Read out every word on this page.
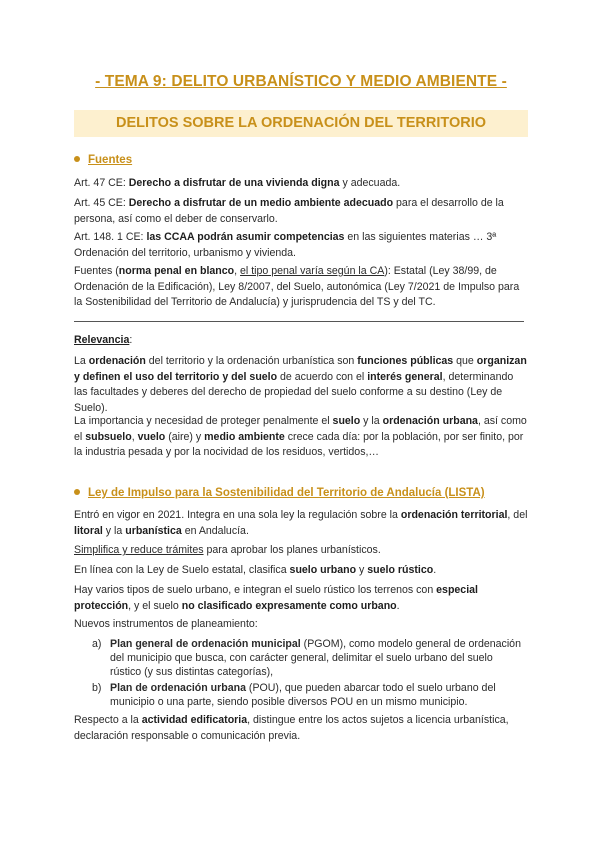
- TEMA 9: DELITO URBANÍSTICO Y MEDIO AMBIENTE -
DELITOS SOBRE LA ORDENACIÓN DEL TERRITORIO
Fuentes

Art. 47 CE: Derecho a disfrutar de una vivienda digna y adecuada.

Art. 45 CE: Derecho a disfrutar de un medio ambiente adecuado para el desarrollo de la persona, así como el deber de conservarlo.

Art. 148. 1 CE: las CCAA podrán asumir competencias en las siguientes materias … 3ª Ordenación del territorio, urbanismo y vivienda.

Fuentes (norma penal en blanco, el tipo penal varía según la CA): Estatal (Ley 38/99, de Ordenación de la Edificación), Ley 8/2007, del Suelo, autonómica (Ley 7/2021 de Impulso para la Sostenibilidad del Territorio de Andalucía) y jurisprudencia del TS y del TC.

Relevancia:

La ordenación del territorio y la ordenación urbanística son funciones públicas que organizan y definen el uso del territorio y del suelo de acuerdo con el interés general, determinando las facultades y deberes del derecho de propiedad del suelo conforme a su destino (Ley de Suelo).

La importancia y necesidad de proteger penalmente el suelo y la ordenación urbana, así como el subsuelo, vuelo (aire) y medio ambiente crece cada día: por la población, por ser finito, por la industria pesada y por la nocividad de los residuos, vertidos,…

Ley de Impulso para la Sostenibilidad del Territorio de Andalucía (LISTA)

Entró en vigor en 2021. Integra en una sola ley la regulación sobre la ordenación territorial, del litoral y la urbanística en Andalucía.

Simplifica y reduce trámites para aprobar los planes urbanísticos.

En línea con la Ley de Suelo estatal, clasifica suelo urbano y suelo rústico.

Hay varios tipos de suelo urbano, e integran el suelo rústico los terrenos con especial protección, y el suelo no clasificado expresamente como urbano.

Nuevos instrumentos de planeamiento:

a) Plan general de ordenación municipal (PGOM), como modelo general de ordenación del municipio que busca, con carácter general, delimitar el suelo urbano del suelo rústico (y sus distintas categorías),
b) Plan de ordenación urbana (POU), que pueden abarcar todo el suelo urbano del municipio o una parte, siendo posible diversos POU en un mismo municipio.

Respecto a la actividad edificatoria, distingue entre los actos sujetos a licencia urbanística, declaración responsable o comunicación previa.
